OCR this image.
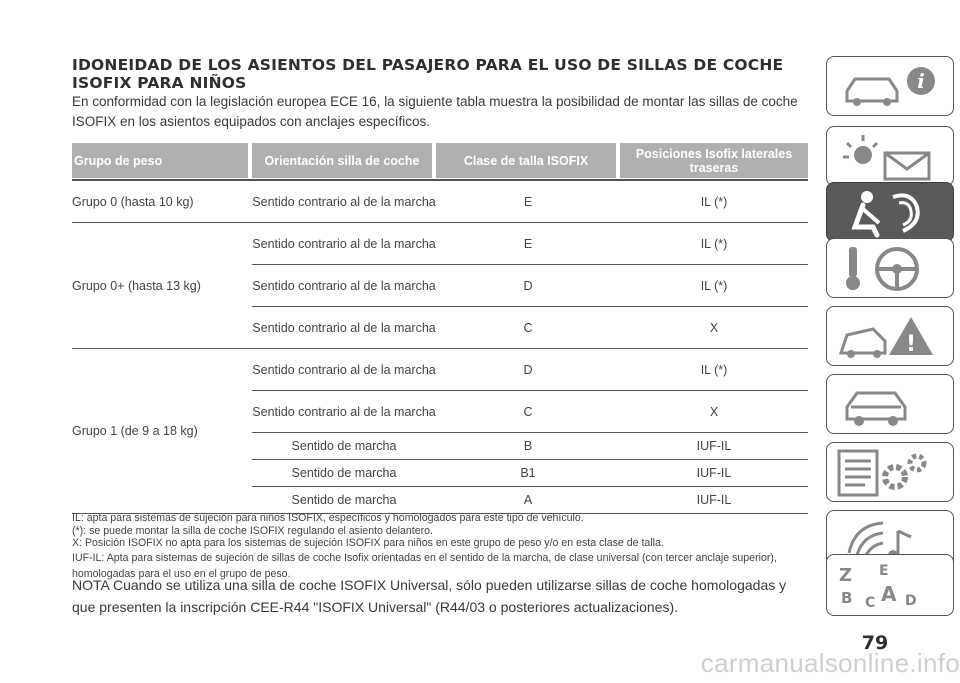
IDONEIDAD DE LOS ASIENTOS DEL PASAJERO PARA EL USO DE SILLAS DE COCHE ISOFIX PARA NIÑOS
En conformidad con la legislación europea ECE 16, la siguiente tabla muestra la posibilidad de montar las sillas de coche ISOFIX en los asientos equipados con anclajes específicos.
Grupo de peso	Orientación silla de coche	Clase de talla ISOFIX	Posiciones Isofix laterales traseras
Grupo 0 (hasta 10 kg)	Sentido contrario al de la marcha	E	IL (*)
Grupo 0+ (hasta 13 kg)
Sentido contrario al de la marcha	E	IL (*)
Sentido contrario al de la marcha	D	IL (*)
Sentido contrario al de la marcha	C	X
Grupo 1 (de 9 a 18 kg)
Sentido contrario al de la marcha	D	IL (*)
Sentido contrario al de la marcha	C	X
Sentido de marcha	B	IUF-IL
Sentido de marcha	B1	IUF-IL
Sentido de marcha	A	IUF-IL
IL: apta para sistemas de sujeción para niños ISOFIX, específicos y homologados para este tipo de vehículo.
(*): se puede montar la silla de coche ISOFIX regulando el asiento delantero.
X: Posición ISOFIX no apta para los sistemas de sujeción ISOFIX para niños en este grupo de peso y/o en esta clase de talla.
IUF-IL: Apta para sistemas de sujeción de sillas de coche Isofix orientadas en el sentido de la marcha, de clase universal (con tercer anclaje superior), homologadas para el uso en el grupo de peso.
NOTA Cuando se utiliza una silla de coche ISOFIX Universal, sólo pueden utilizarse sillas de coche homologadas y que presenten la inscripción CEE-R44 "ISOFIX Universal" (R44/03 o posteriores actualizaciones).
i
!
Z E
B C A D
79
carmanualsonline.info
